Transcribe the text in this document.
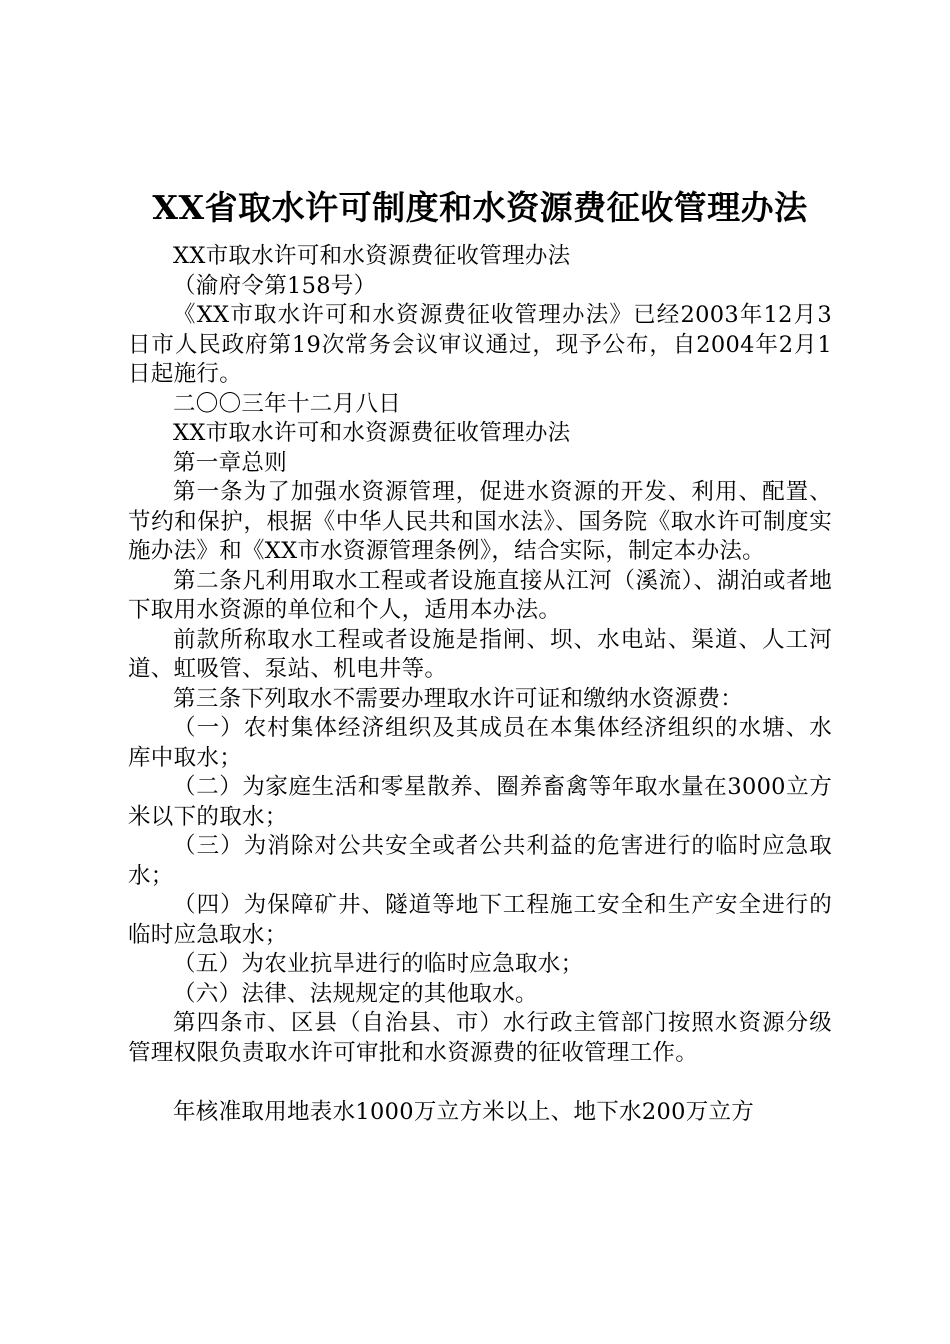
XX省取水许可制度和水资源费征收管理办法

XX市取水许可和水资源费征收管理办法

（渝府令第158号）

《XX市取水许可和水资源费征收管理办法》已经2003年12月3日市人民政府第19次常务会议审议通过，现予公布，自2004年2月1日起施行。

二〇〇三年十二月八日

XX市取水许可和水资源费征收管理办法

第一章总则

第一条为了加强水资源管理，促进水资源的开发、利用、配置、节约和保护，根据《中华人民共和国水法》、国务院《取水许可制度实施办法》和《XX市水资源管理条例》，结合实际，制定本办法。

第二条凡利用取水工程或者设施直接从江河（溪流）、湖泊或者地下取用水资源的单位和个人，适用本办法。

前款所称取水工程或者设施是指闸、坝、水电站、渠道、人工河道、虹吸管、泵站、机电井等。

第三条下列取水不需要办理取水许可证和缴纳水资源费：

（一）农村集体经济组织及其成员在本集体经济组织的水塘、水库中取水；

（二）为家庭生活和零星散养、圈养畜禽等年取水量在3000立方米以下的取水；

（三）为消除对公共安全或者公共利益的危害进行的临时应急取水；

（四）为保障矿井、隧道等地下工程施工安全和生产安全进行的临时应急取水；

（五）为农业抗旱进行的临时应急取水；

（六）法律、法规规定的其他取水。

第四条市、区县（自治县、市）水行政主管部门按照水资源分级管理权限负责取水许可审批和水资源费的征收管理工作。

年核准取用地表水1000万立方米以上、地下水200万立方
